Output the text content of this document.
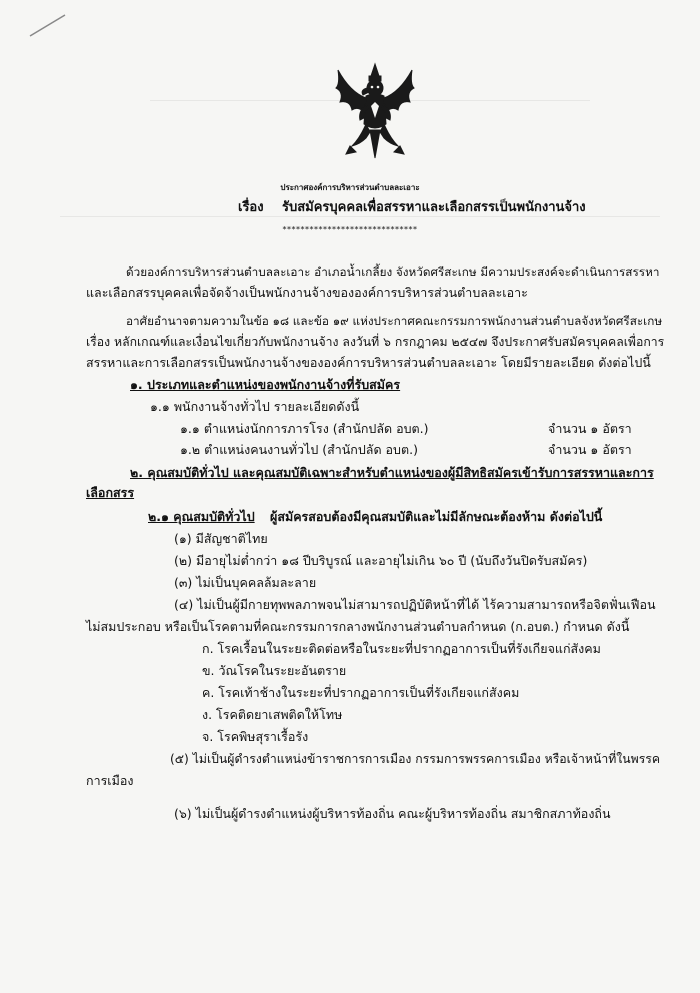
ประกาศองค์การบริหารส่วนตำบลละเอาะ
เรื่อง รับสมัครบุคคลเพื่อสรรหาและเลือกสรรเป็นพนักงานจ้าง
******************************
ด้วยองค์การบริหารส่วนตำบลละเอาะ อำเภอน้ำเกลี้ยง จังหวัดศรีสะเกษ มีความประสงค์จะดำเนินการสรรหา
และเลือกสรรบุคคลเพื่อจัดจ้างเป็นพนักงานจ้างขององค์การบริหารส่วนตำบลละเอาะ
อาศัยอำนาจตามความในข้อ ๑๘ และข้อ ๑๙ แห่งประกาศคณะกรรมการพนักงานส่วนตำบลจังหวัดศรีสะเกษ
เรื่อง หลักเกณฑ์และเงื่อนไขเกี่ยวกับพนักงานจ้าง ลงวันที่ ๖ กรกฎาคม ๒๕๔๗ จึงประกาศรับสมัครบุคคลเพื่อการ
สรรหาและการเลือกสรรเป็นพนักงานจ้างขององค์การบริหารส่วนตำบลละเอาะ โดยมีรายละเอียด ดังต่อไปนี้
๑. ประเภทและตำแหน่งของพนักงานจ้างที่รับสมัคร
๑.๑ พนักงานจ้างทั่วไป รายละเอียดดังนี้
๑.๑ ตำแหน่งนักการภารโรง (สำนักปลัด อบต.)	จำนวน ๑ อัตรา
๑.๒ ตำแหน่งคนงานทั่วไป (สำนักปลัด อบต.)	จำนวน ๑ อัตรา
๒. คุณสมบัติทั่วไป และคุณสมบัติเฉพาะสำหรับตำแหน่งของผู้มีสิทธิสมัครเข้ารับการสรรหาและการ
เลือกสรร
๒.๑ คุณสมบัติทั่วไป ผู้สมัครสอบต้องมีคุณสมบัติและไม่มีลักษณะต้องห้าม ดังต่อไปนี้
(๑) มีสัญชาติไทย
(๒) มีอายุไม่ต่ำกว่า ๑๘ ปีบริบูรณ์ และอายุไม่เกิน ๖๐ ปี (นับถึงวันปิดรับสมัคร)
(๓) ไม่เป็นบุคคลล้มละลาย
(๔) ไม่เป็นผู้มีกายทุพพลภาพจนไม่สามารถปฏิบัติหน้าที่ได้ ไร้ความสามารถหรือจิตฟั่นเฟือน
ไม่สมประกอบ หรือเป็นโรคตามที่คณะกรรมการกลางพนักงานส่วนตำบลกำหนด (ก.อบต.) กำหนด ดังนี้
ก. โรคเรื้อนในระยะติดต่อหรือในระยะที่ปรากฏอาการเป็นที่รังเกียจแก่สังคม
ข. วัณโรคในระยะอันตราย
ค. โรคเท้าช้างในระยะที่ปรากฏอาการเป็นที่รังเกียจแก่สังคม
ง. โรคติดยาเสพติดให้โทษ
จ. โรคพิษสุราเรื้อรัง
(๕) ไม่เป็นผู้ดำรงตำแหน่งข้าราชการการเมือง กรรมการพรรคการเมือง หรือเจ้าหน้าที่ในพรรค
การเมือง
(๖) ไม่เป็นผู้ดำรงตำแหน่งผู้บริหารท้องถิ่น คณะผู้บริหารท้องถิ่น สมาชิกสภาท้องถิ่น
